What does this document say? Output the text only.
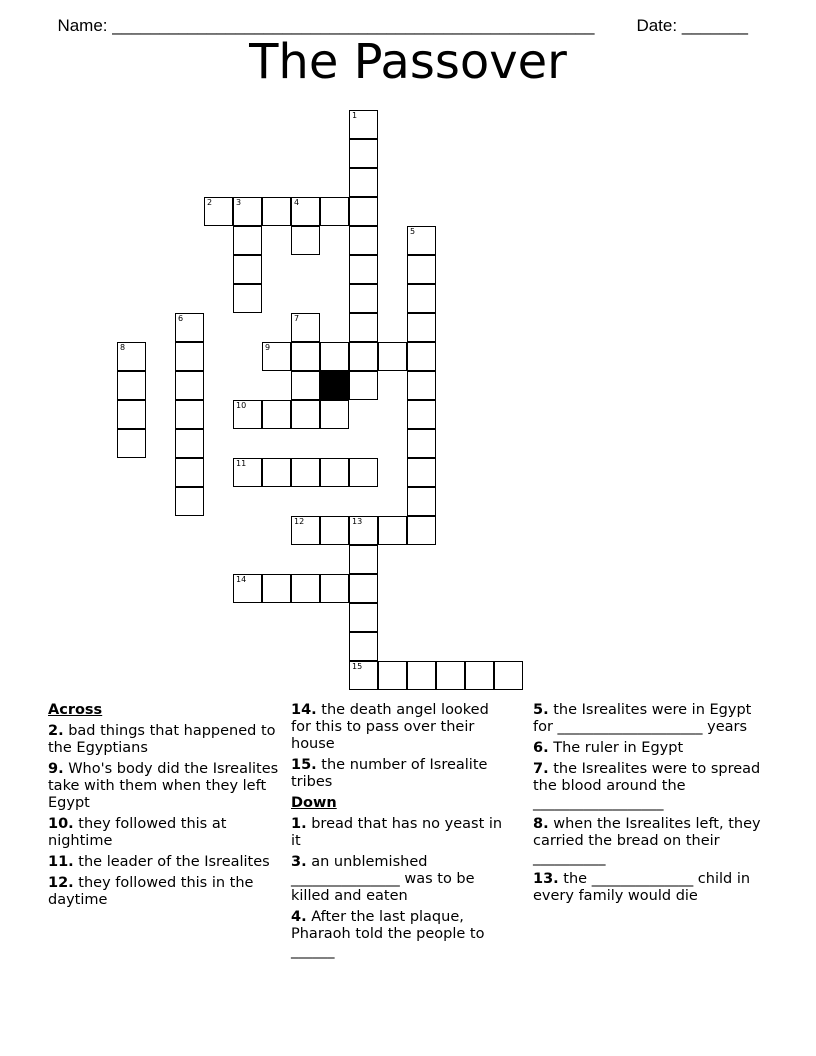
Name: ___________________________________________________	Date: _______

The Passover
1
2	3	4
5
6	7
8	9
10
11
12	13
15
14
Across
2. bad things that happened to the Egyptians
9. Who's body did the Isrealites take with them when they left Egypt
10. they followed this at nightime
11. the leader of the Isrealites
12. they followed this in the daytime
14. the death angel looked for this to pass over their house
15. the number of Isrealite tribes
Down
1. bread that has no yeast in it
3. an unblemished _______________ was to be killed and eaten
4. After the last plaque, Pharaoh told the people to ______
5. the Isrealites were in Egypt for ____________________ years
6. The ruler in Egypt
7. the Isrealites were to spread the blood around the __________________
8. when the Isrealites left, they carried the bread on their __________
13. the ______________ child in every family would die
